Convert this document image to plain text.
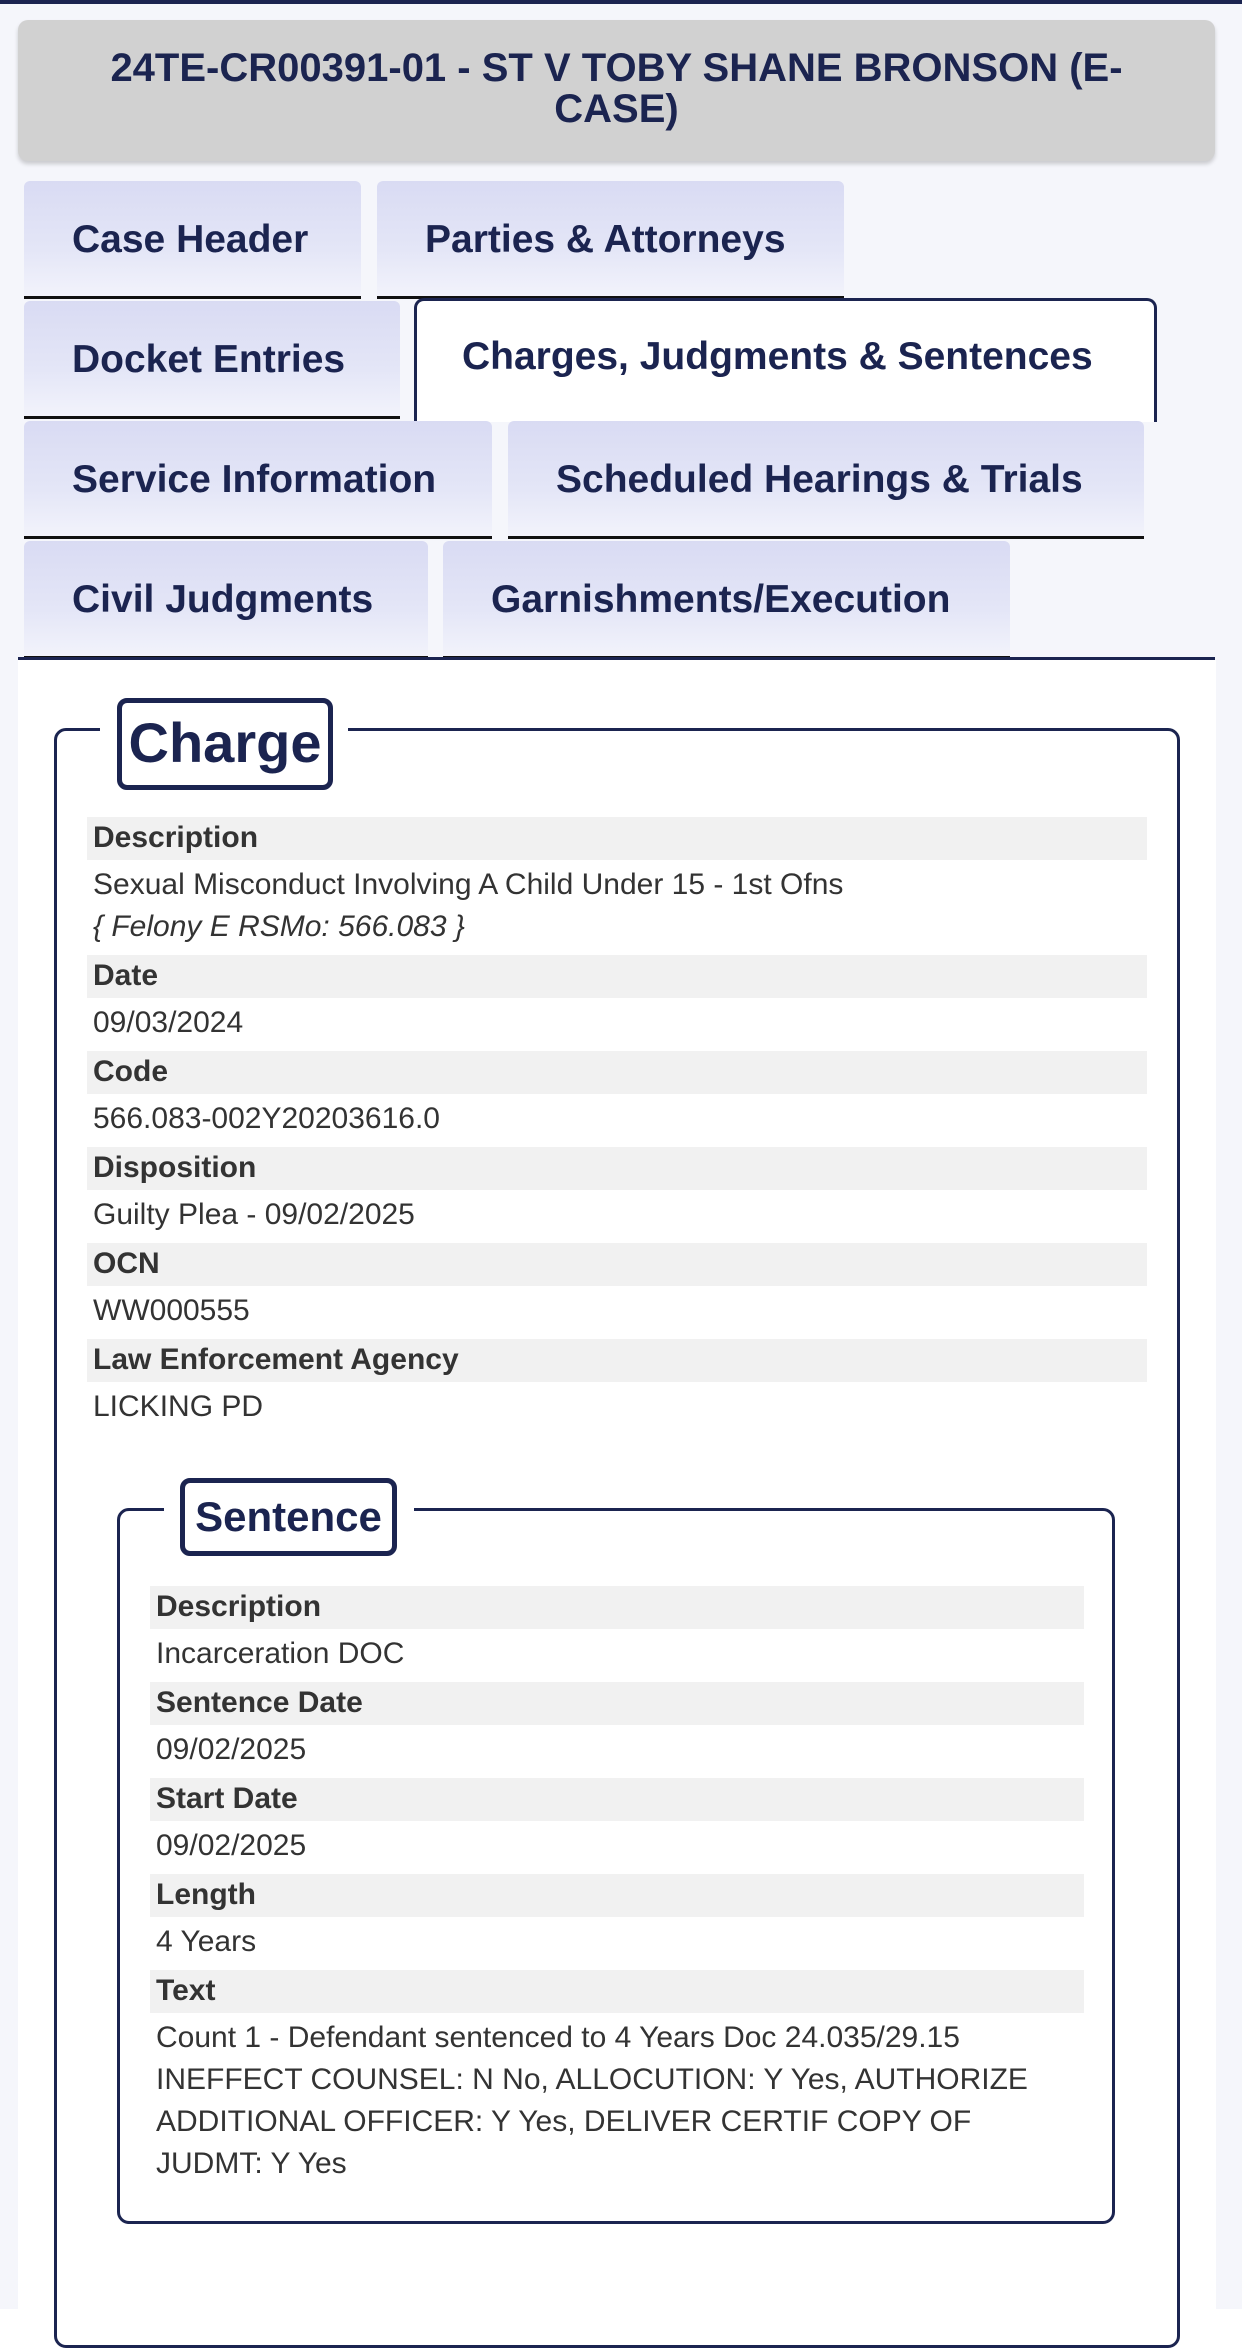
24TE-CR00391-01 - ST V TOBY SHANE BRONSON (E-CASE)
Case Header	Parties & Attorneys
Docket Entries	Charges, Judgments & Sentences
Service Information	Scheduled Hearings & Trials
Civil Judgments	Garnishments/Execution
Charge
Description
Sexual Misconduct Involving A Child Under 15 - 1st Ofns
{ Felony E RSMo: 566.083 }
Date
09/03/2024
Code
566.083-002Y20203616.0
Disposition
Guilty Plea - 09/02/2025
OCN
WW000555
Law Enforcement Agency
LICKING PD
Sentence
Description
Incarceration DOC
Sentence Date
09/02/2025
Start Date
09/02/2025
Length
4 Years
Text
Count 1 - Defendant sentenced to 4 Years Doc 24.035/29.15
INEFFECT COUNSEL: N No, ALLOCUTION: Y Yes, AUTHORIZE
ADDITIONAL OFFICER: Y Yes, DELIVER CERTIF COPY OF
JUDMT: Y Yes
